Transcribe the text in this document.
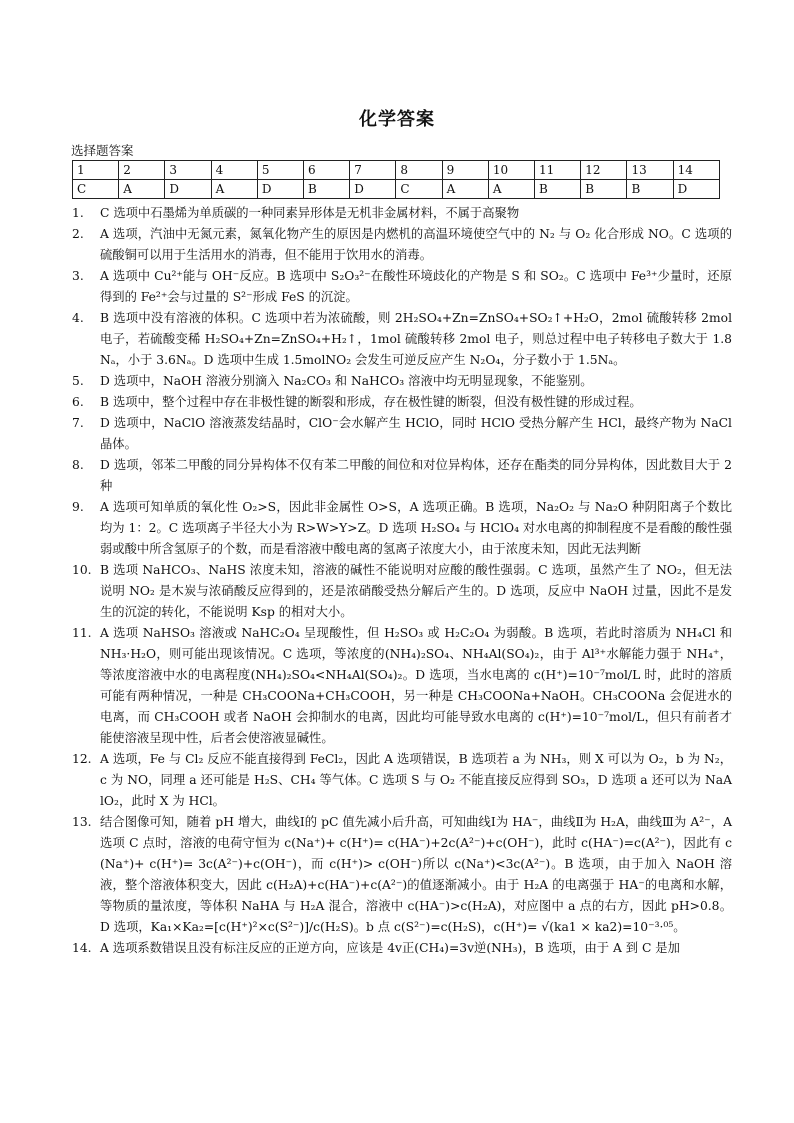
化学答案
选择题答案
1	2	3	4	5	6	7	8	9	10	11	12	13	14
C	A	D	A	D	B	D	C	A	A	B	B	B	D
1. C 选项中石墨烯为单质碳的一种同素异形体是无机非金属材料，不属于高聚物
2. A 选项，汽油中无氮元素，氮氧化物产生的原因是内燃机的高温环境使空气中的 N₂ 与 O₂ 化合形成 NO。C 选项的硫酸铜可以用于生活用水的消毒，但不能用于饮用水的消毒。
3. A 选项中 Cu²⁺能与 OH⁻反应。B 选项中 S₂O₃²⁻在酸性环境歧化的产物是 S 和 SO₂。C 选项中 Fe³⁺少量时，还原得到的 Fe²⁺会与过量的 S²⁻形成 FeS 的沉淀。
4. B 选项中没有溶液的体积。C 选项中若为浓硫酸，则 2H₂SO₄+Zn=ZnSO₄+SO₂↑+H₂O，2mol 硫酸转移 2mol 电子，若硫酸变稀 H₂SO₄+Zn=ZnSO₄+H₂↑，1mol 硫酸转移 2mol 电子，则总过程中电子转移电子数大于 1.8Nₐ，小于 3.6Nₐ。D 选项中生成 1.5molNO₂ 会发生可逆反应产生 N₂O₄，分子数小于 1.5Nₐ。
5. D 选项中，NaOH 溶液分别滴入 Na₂CO₃ 和 NaHCO₃ 溶液中均无明显现象，不能鉴别。
6. B 选项中，整个过程中存在非极性键的断裂和形成，存在极性键的断裂，但没有极性键的形成过程。
7. D 选项中，NaClO 溶液蒸发结晶时，ClO⁻会水解产生 HClO，同时 HClO 受热分解产生 HCl，最终产物为 NaCl 晶体。
8. D 选项，邻苯二甲酸的同分异构体不仅有苯二甲酸的间位和对位异构体，还存在酯类的同分异构体，因此数目大于 2 种
9. A 选项可知单质的氧化性 O₂>S，因此非金属性 O>S，A 选项正确。B 选项，Na₂O₂ 与 Na₂O 种阴阳离子个数比均为 1：2。C 选项离子半径大小为 R>W>Y>Z。D 选项 H₂SO₄ 与 HClO₄ 对水电离的抑制程度不是看酸的酸性强弱或酸中所含氢原子的个数，而是看溶液中酸电离的氢离子浓度大小，由于浓度未知，因此无法判断
10. B 选项 NaHCO₃、NaHS 浓度未知，溶液的碱性不能说明对应酸的酸性强弱。C 选项，虽然产生了 NO₂，但无法说明 NO₂ 是木炭与浓硝酸反应得到的，还是浓硝酸受热分解后产生的。D 选项，反应中 NaOH 过量，因此不是发生的沉淀的转化，不能说明 Ksp 的相对大小。
11. A 选项 NaHSO₃ 溶液或 NaHC₂O₄ 呈现酸性，但 H₂SO₃ 或 H₂C₂O₄ 为弱酸。B 选项，若此时溶质为 NH₄Cl 和 NH₃·H₂O，则可能出现该情况。C 选项，等浓度的(NH₄)₂SO₄、NH₄Al(SO₄)₂，由于 Al³⁺水解能力强于 NH₄⁺，等浓度溶液中水的电离程度(NH₄)₂SO₄<NH₄Al(SO₄)₂。D 选项，当水电离的 c(H⁺)=10⁻⁷mol/L 时，此时的溶质可能有两种情况，一种是 CH₃COONa+CH₃COOH，另一种是 CH₃COONa+NaOH。CH₃COONa 会促进水的电离，而 CH₃COOH 或者 NaOH 会抑制水的电离，因此均可能导致水电离的 c(H⁺)=10⁻⁷mol/L，但只有前者才能使溶液呈现中性，后者会使溶液显碱性。
12. A 选项，Fe 与 Cl₂ 反应不能直接得到 FeCl₂，因此 A 选项错误，B 选项若 a 为 NH₃，则 X 可以为 O₂，b 为 N₂，c 为 NO，同理 a 还可能是 H₂S、CH₄ 等气体。C 选项 S 与 O₂ 不能直接反应得到 SO₃，D 选项 a 还可以为 NaAlO₂，此时 X 为 HCl。
13. 结合图像可知，随着 pH 增大，曲线Ⅰ的 pC 值先减小后升高，可知曲线Ⅰ为 HA⁻，曲线Ⅱ为 H₂A，曲线Ⅲ为 A²⁻，A 选项 C 点时，溶液的电荷守恒为 c(Na⁺)+ c(H⁺)= c(HA⁻)+2c(A²⁻)+c(OH⁻)，此时 c(HA⁻)=c(A²⁻)，因此有 c(Na⁺)+ c(H⁺)= 3c(A²⁻)+c(OH⁻)，而 c(H⁺)> c(OH⁻)所以 c(Na⁺)<3c(A²⁻)。B 选项，由于加入 NaOH 溶液，整个溶液体积变大，因此 c(H₂A)+c(HA⁻)+c(A²⁻)的值逐渐减小。由于 H₂A 的电离强于 HA⁻的电离和水解，等物质的量浓度，等体积 NaHA 与 H₂A 混合，溶液中 c(HA⁻)>c(H₂A)，对应图中 a 点的右方，因此 pH>0.8。D 选项，Ka₁×Ka₂=[c(H⁺)²×c(S²⁻)]/c(H₂S)。b 点 c(S²⁻)=c(H₂S)，c(H⁺)= √(ka1 × ka2)=10⁻³·⁰⁵。
14. A 选项系数错误且没有标注反应的正逆方向，应该是 4v正(CH₄)=3v逆(NH₃)，B 选项，由于 A 到 C 是加
